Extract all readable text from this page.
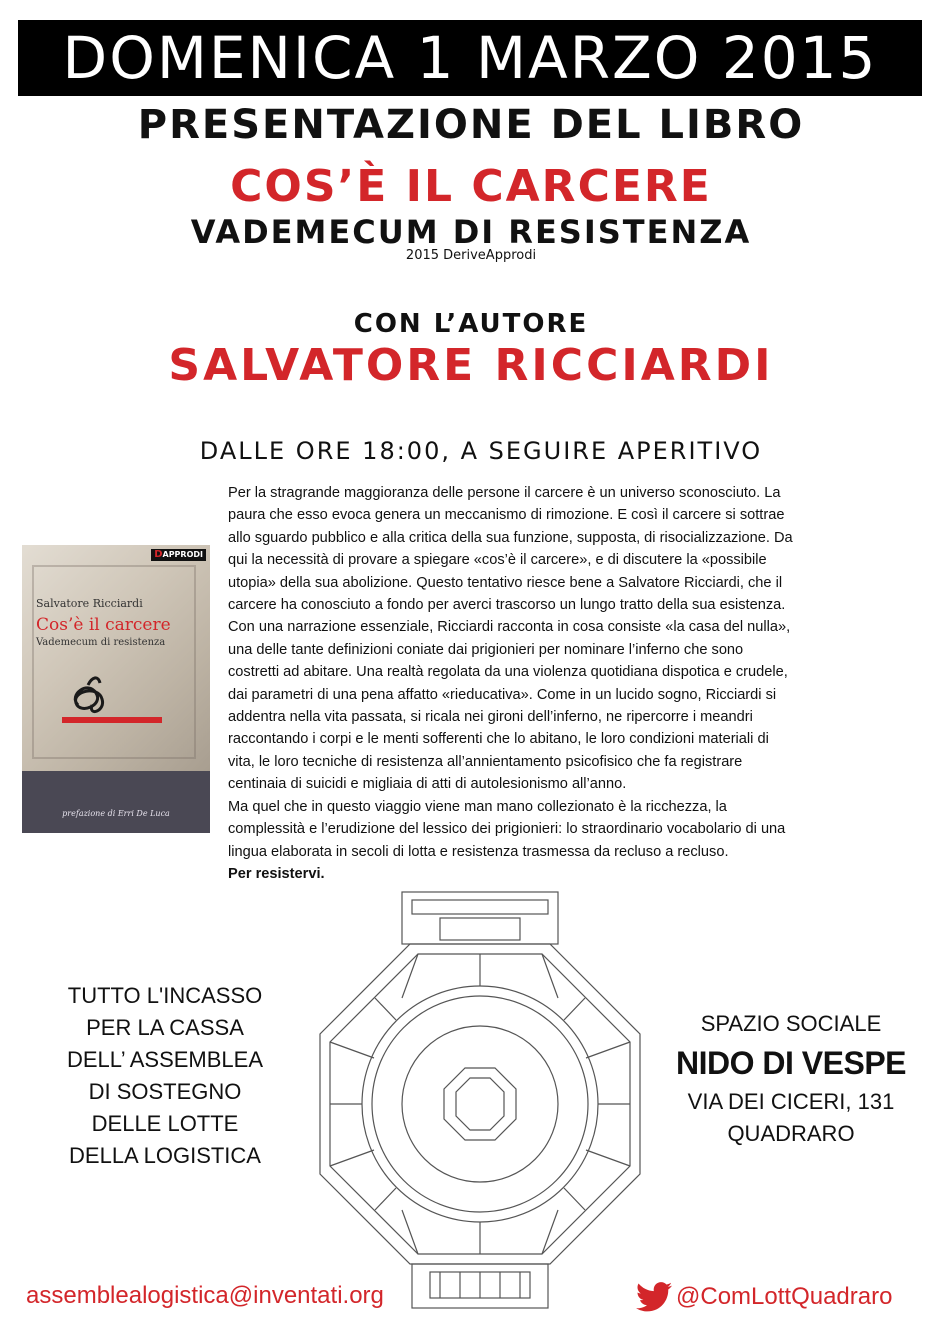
DOMENICA 1 MARZO 2015
PRESENTAZIONE DEL LIBRO
COS’È IL CARCERE
VADEMECUM DI RESISTENZA
2015 DeriveApprodi
CON L’AUTORE
SALVATORE RICCIARDI
DALLE ORE 18:00, A SEGUIRE APERITIVO
DAPPRODI
Salvatore Ricciardi
Cos’è il carcere
Vademecum di resistenza
prefazione di Erri De Luca

Per la stragrande maggioranza delle persone il carcere è un universo sconosciuto. La

paura che esso evoca genera un meccanismo di rimozione. E così il carcere si sottrae

allo sguardo pubblico e alla critica della sua funzione, supposta, di risocializzazione. Da

qui la necessità di provare a spiegare «cos’è il carcere», e di discutere la «possibile

utopia» della sua abolizione. Questo tentativo riesce bene a Salvatore Ricciardi, che il

carcere ha conosciuto a fondo per averci trascorso un lungo tratto della sua esistenza.

Con una narrazione essenziale, Ricciardi racconta in cosa consiste «la casa del nulla»,

una delle tante definizioni coniate dai prigionieri per nominare l’inferno che sono

costretti ad abitare. Una realtà regolata da una violenza quotidiana dispotica e crudele,

dai parametri di una pena affatto «rieducativa». Come in un lucido sogno, Ricciardi si

addentra nella vita passata, si ricala nei gironi dell’inferno, ne ripercorre i meandri

raccontando i corpi e le menti sofferenti che lo abitano, le loro condizioni materiali di

vita, le loro tecniche di resistenza all’annientamento psicofisico che fa registrare

centinaia di suicidi e migliaia di atti di autolesionismo all’anno.

Ma quel che in questo viaggio viene man mano collezionato è la ricchezza, la

complessità e l’erudizione del lessico dei prigionieri: lo straordinario vocabolario di una

lingua elaborata in secoli di lotta e resistenza trasmessa da recluso a recluso.

Per resistervi.

TUTTO L'INCASSO
PER LA CASSA
DELL’ ASSEMBLEA
DI SOSTEGNO
DELLE LOTTE
DELLA LOGISTICA
SPAZIO SOCIALE
NIDO DI VESPE
VIA DEI CICERI, 131
QUADRARO
assemblealogistica@inventati.org	@ComLottQuadraro
